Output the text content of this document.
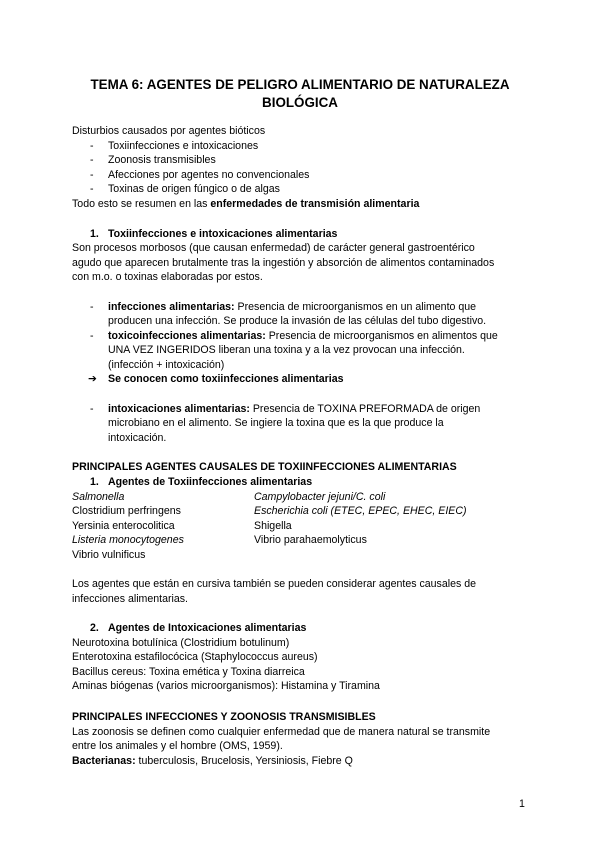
TEMA 6: AGENTES DE PELIGRO ALIMENTARIO DE NATURALEZA
BIOLÓGICA
Disturbios causados por agentes bióticos
- Toxiinfecciones e intoxicaciones
- Zoonosis transmisibles
- Afecciones por agentes no convencionales
- Toxinas de origen fúngico o de algas
Todo esto se resumen en las enfermedades de transmisión alimentaria
1. Toxiinfecciones e intoxicaciones alimentarias
Son procesos morbosos (que causan enfermedad) de carácter general gastroentérico
agudo que aparecen brutalmente tras la ingestión y absorción de alimentos contaminados
con m.o. o toxinas elaboradas por estos.
- infecciones alimentarias: Presencia de microorganismos en un alimento que
producen una infección. Se produce la invasión de las células del tubo digestivo.
- toxicoinfecciones alimentarias: Presencia de microorganismos en alimentos que
UNA VEZ INGERIDOS liberan una toxina y a la vez provocan una infección.
(infección + intoxicación)
➔ Se conocen como toxiinfecciones alimentarias
- intoxicaciones alimentarias: Presencia de TOXINA PREFORMADA de origen
microbiano en el alimento. Se ingiere la toxina que es la que produce la
intoxicación.
PRINCIPALES AGENTES CAUSALES DE TOXIINFECCIONES ALIMENTARIAS
1. Agentes de Toxiinfecciones alimentarias
Salmonella
Clostridium perfringens
Yersinia enterocolitica
Listeria monocytogenes
Vibrio vulnificus
Campylobacter jejuni/C. coli
Escherichia coli (ETEC, EPEC, EHEC, EIEC)
Shigella
Vibrio parahaemolyticus
Los agentes que están en cursiva también se pueden considerar agentes causales de
infecciones alimentarias.
2. Agentes de Intoxicaciones alimentarias
Neurotoxina botulínica (Clostridium botulinum)
Enterotoxina estafilocócica (Staphylococcus aureus)
Bacillus cereus: Toxina emética y Toxina diarreica
Aminas biógenas (varios microorganismos): Histamina y Tiramina
PRINCIPALES INFECCIONES Y ZOONOSIS TRANSMISIBLES
Las zoonosis se definen como cualquier enfermedad que de manera natural se transmite
entre los animales y el hombre (OMS, 1959).
Bacterianas: tuberculosis, Brucelosis, Yersiniosis, Fiebre Q
1
